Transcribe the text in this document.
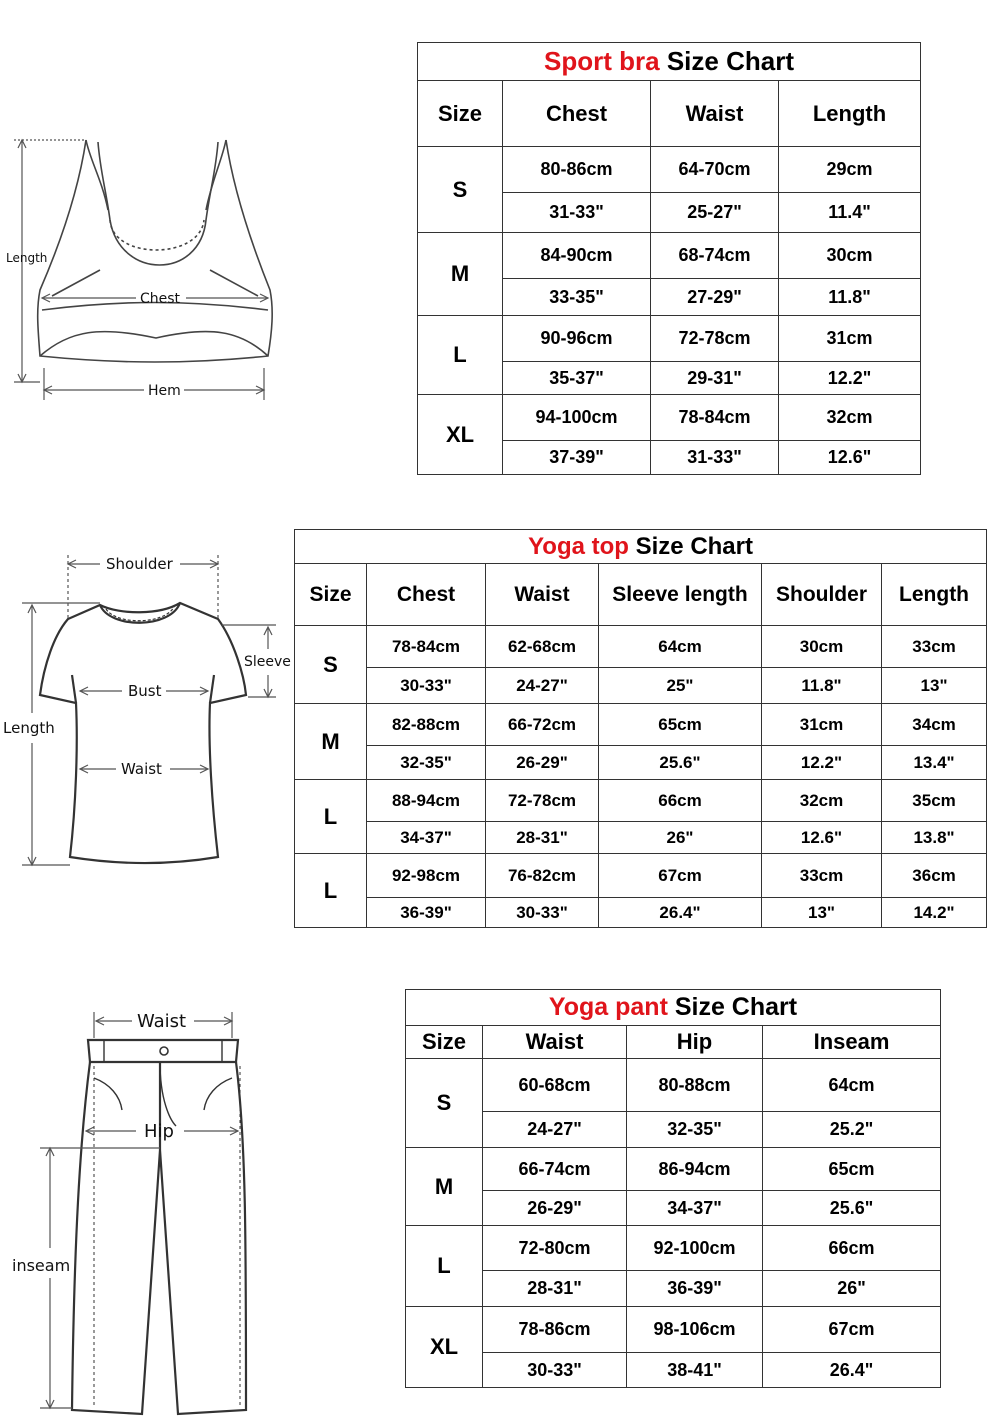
Length
Chest
Hem
Sport bra Size Chart			
Size	Chest	Waist	Length
S	80-86cm	64-70cm	29cm
	31-33"	25-27"	11.4"
M	84-90cm	68-74cm	30cm
	33-35"	27-29"	11.8"
L	90-96cm	72-78cm	31cm
	35-37"	29-31"	12.2"
XL	94-100cm	78-84cm	32cm
	37-39"	31-33"	12.6"
Shoulder
Sleeve
Bust
Length
Waist
Yoga top Size Chart					
Size	Chest	Waist	Sleeve length	Shoulder	Length
S	78-84cm	62-68cm	64cm	30cm	33cm
	30-33"	24-27"	25"	11.8"	13"
M	82-88cm	66-72cm	65cm	31cm	34cm
	32-35"	26-29"	25.6"	12.2"	13.4"
L	88-94cm	72-78cm	66cm	32cm	35cm
	34-37"	28-31"	26"	12.6"	13.8"
L	92-98cm	76-82cm	67cm	33cm	36cm
	36-39"	30-33"	26.4"	13"	14.2"
Waist
Hip
inseam
Yoga pant Size Chart			
Size	Waist	Hip	Inseam
S	60-68cm	80-88cm	64cm
	24-27"	32-35"	25.2"
M	66-74cm	86-94cm	65cm
	26-29"	34-37"	25.6"
L	72-80cm	92-100cm	66cm
	28-31"	36-39"	26"
XL	78-86cm	98-106cm	67cm
	30-33"	38-41"	26.4"
